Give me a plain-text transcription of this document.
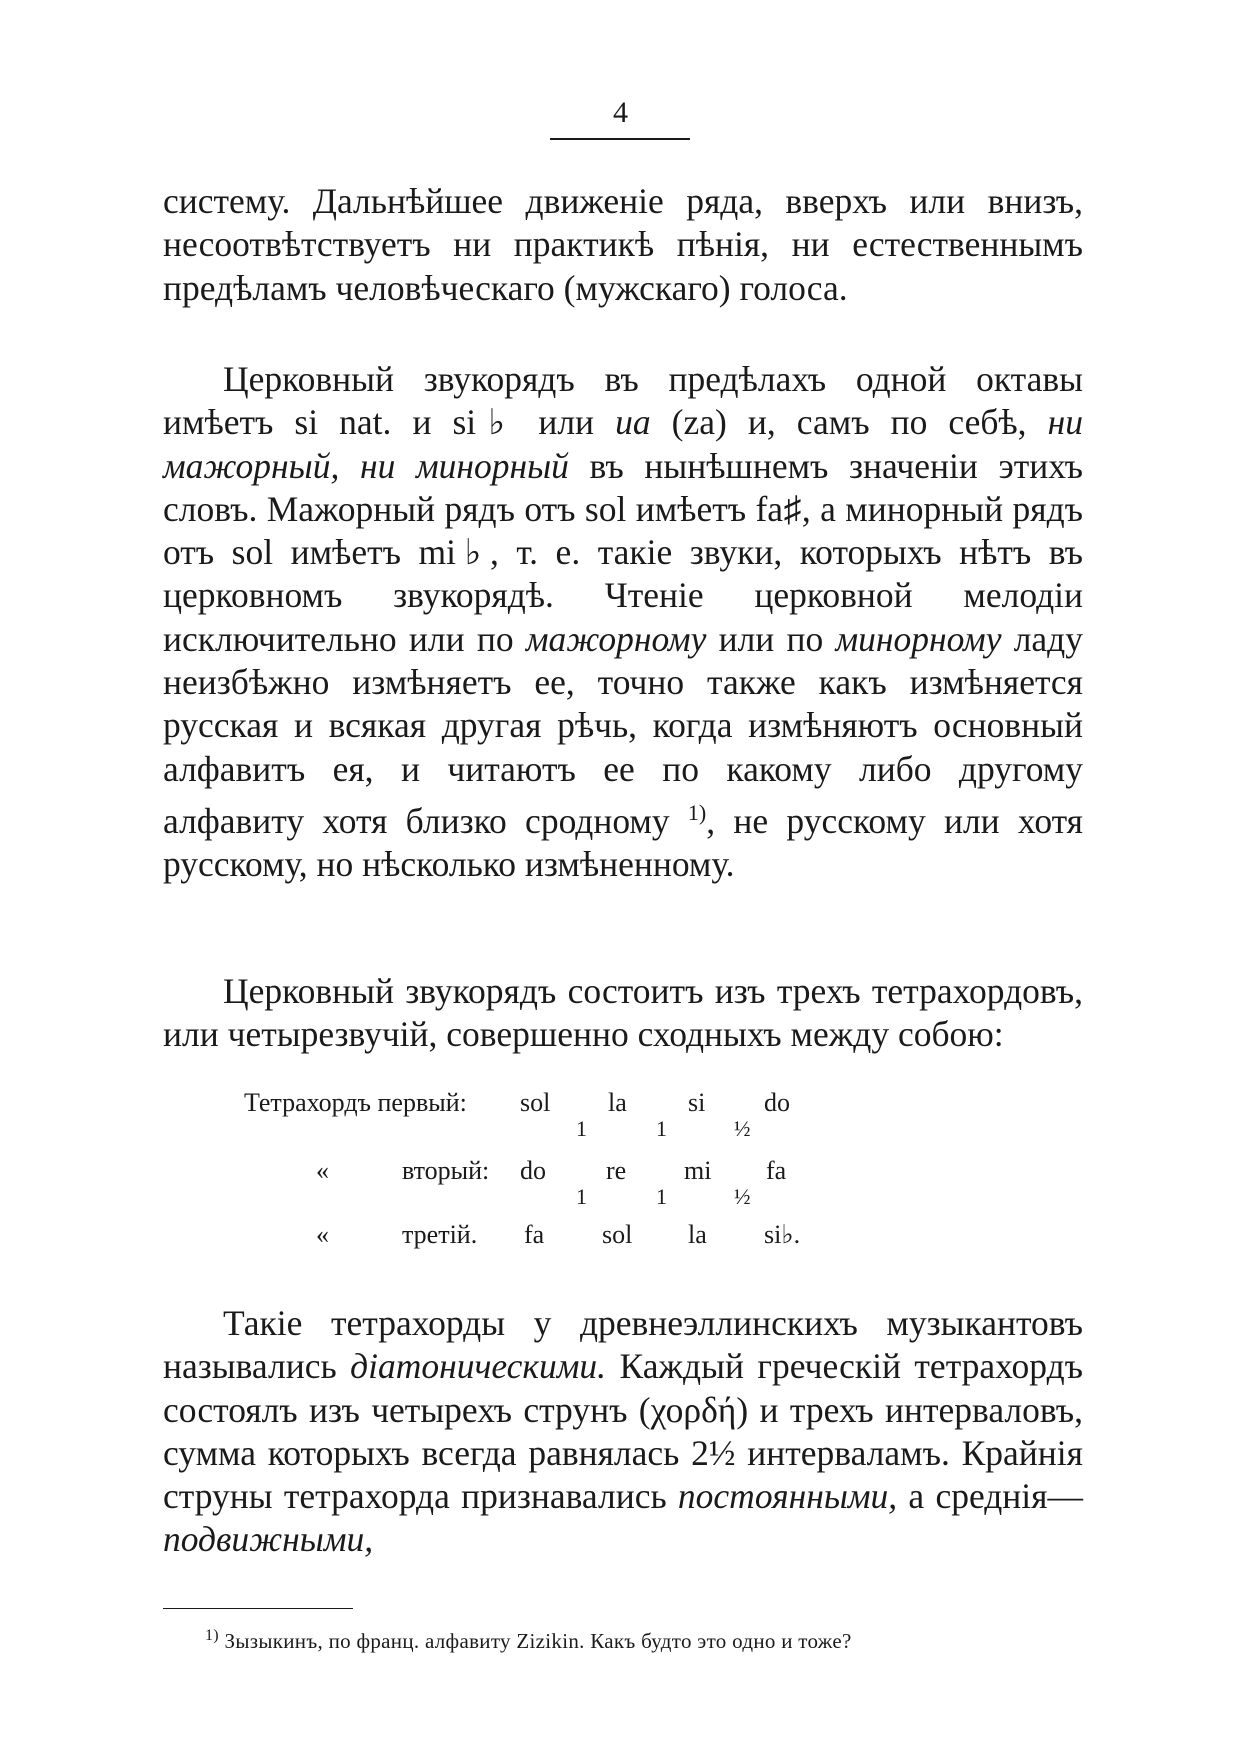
4

систему. Дальнѣйшее движеніе ряда, вверхъ или внизъ, несоотвѣтствуетъ ни практикѣ пѣнія, ни естественнымъ предѣламъ человѣческаго (мужскаго) голоса.

Церковный звукорядъ въ предѣлахъ одной октавы имѣетъ si nat. и si♭ или ua (za) и, самъ по себѣ, ни мажорный, ни минорный въ нынѣшнемъ значеніи этихъ словъ. Мажорный рядъ отъ sol имѣетъ fa♯, а минорный рядъ отъ sol имѣетъ mi♭, т. е. такіе звуки, которыхъ нѣтъ въ церковномъ звукорядѣ. Чтеніе церковной мелодіи исключительно или по мажорному или по минорному ладу неизбѣжно измѣняетъ ее, точно также какъ измѣняется русская и всякая другая рѣчь, когда измѣняютъ основный алфавитъ ея, и читаютъ ее по какому либо другому алфавиту хотя близко сродному $^{1)}$, не русскому или хотя русскому, но нѣсколько измѣненному.

Церковный звукорядъ состоитъ изъ трехъ тетрахордовъ, или четырезвучій, совершенно сходныхъ между собою:

Тетрахордъ первый: sol la si do
1	1	½
«	вторый: do re mi fa
1	1	½
«	третій. fa sol la si♭.

Такіе тетрахорды у древнеэллинскихъ музыкантовъ назывались діатоническими. Каждый греческій тетрахордъ состоялъ изъ четырехъ струнъ (χορδή) и трехъ интерваловъ, сумма которыхъ всегда равнялась 2½ интерваламъ. Крайнія струны тетрахорда признавались постоянными, а среднія—подвижными,

$^{1)}$ Зызыкинъ, по франц. алфавиту Zizikin. Какъ будто это одно и тоже?
